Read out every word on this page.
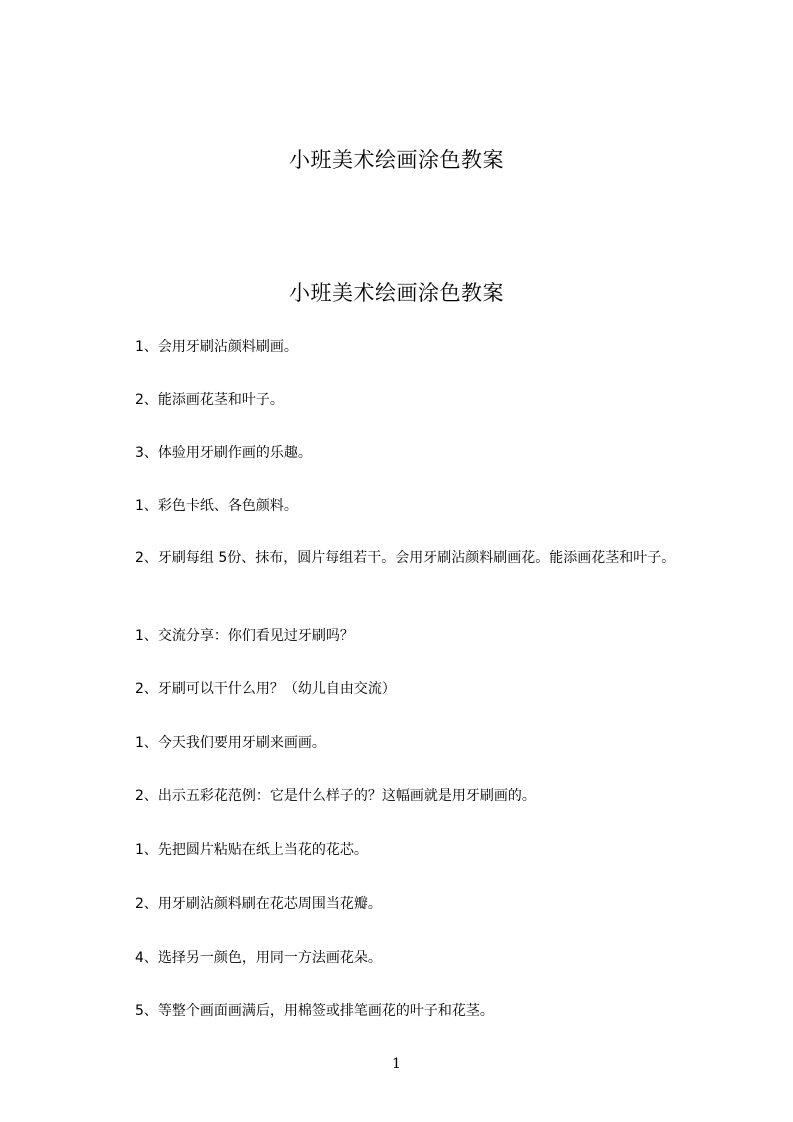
小班美术绘画涂色教案
小班美术绘画涂色教案

1、会用牙刷沾颜料刷画。

2、能添画花茎和叶子。

3、体验用牙刷作画的乐趣。

1、彩色卡纸、各色颜料。

2、牙刷每组 5份、抹布，圆片每组若干。会用牙刷沾颜料刷画花。能添画花茎和叶子。

1、交流分享：你们看见过牙刷吗？

2、牙刷可以干什么用？（幼儿自由交流）

1、今天我们要用牙刷来画画。

2、出示五彩花范例：它是什么样子的？这幅画就是用牙刷画的。

1、先把圆片粘贴在纸上当花的花芯。

2、用牙刷沾颜料刷在花芯周围当花瓣。

4、选择另一颜色，用同一方法画花朵。

5、等整个画面画满后，用棉签或排笔画花的叶子和花茎。

1
